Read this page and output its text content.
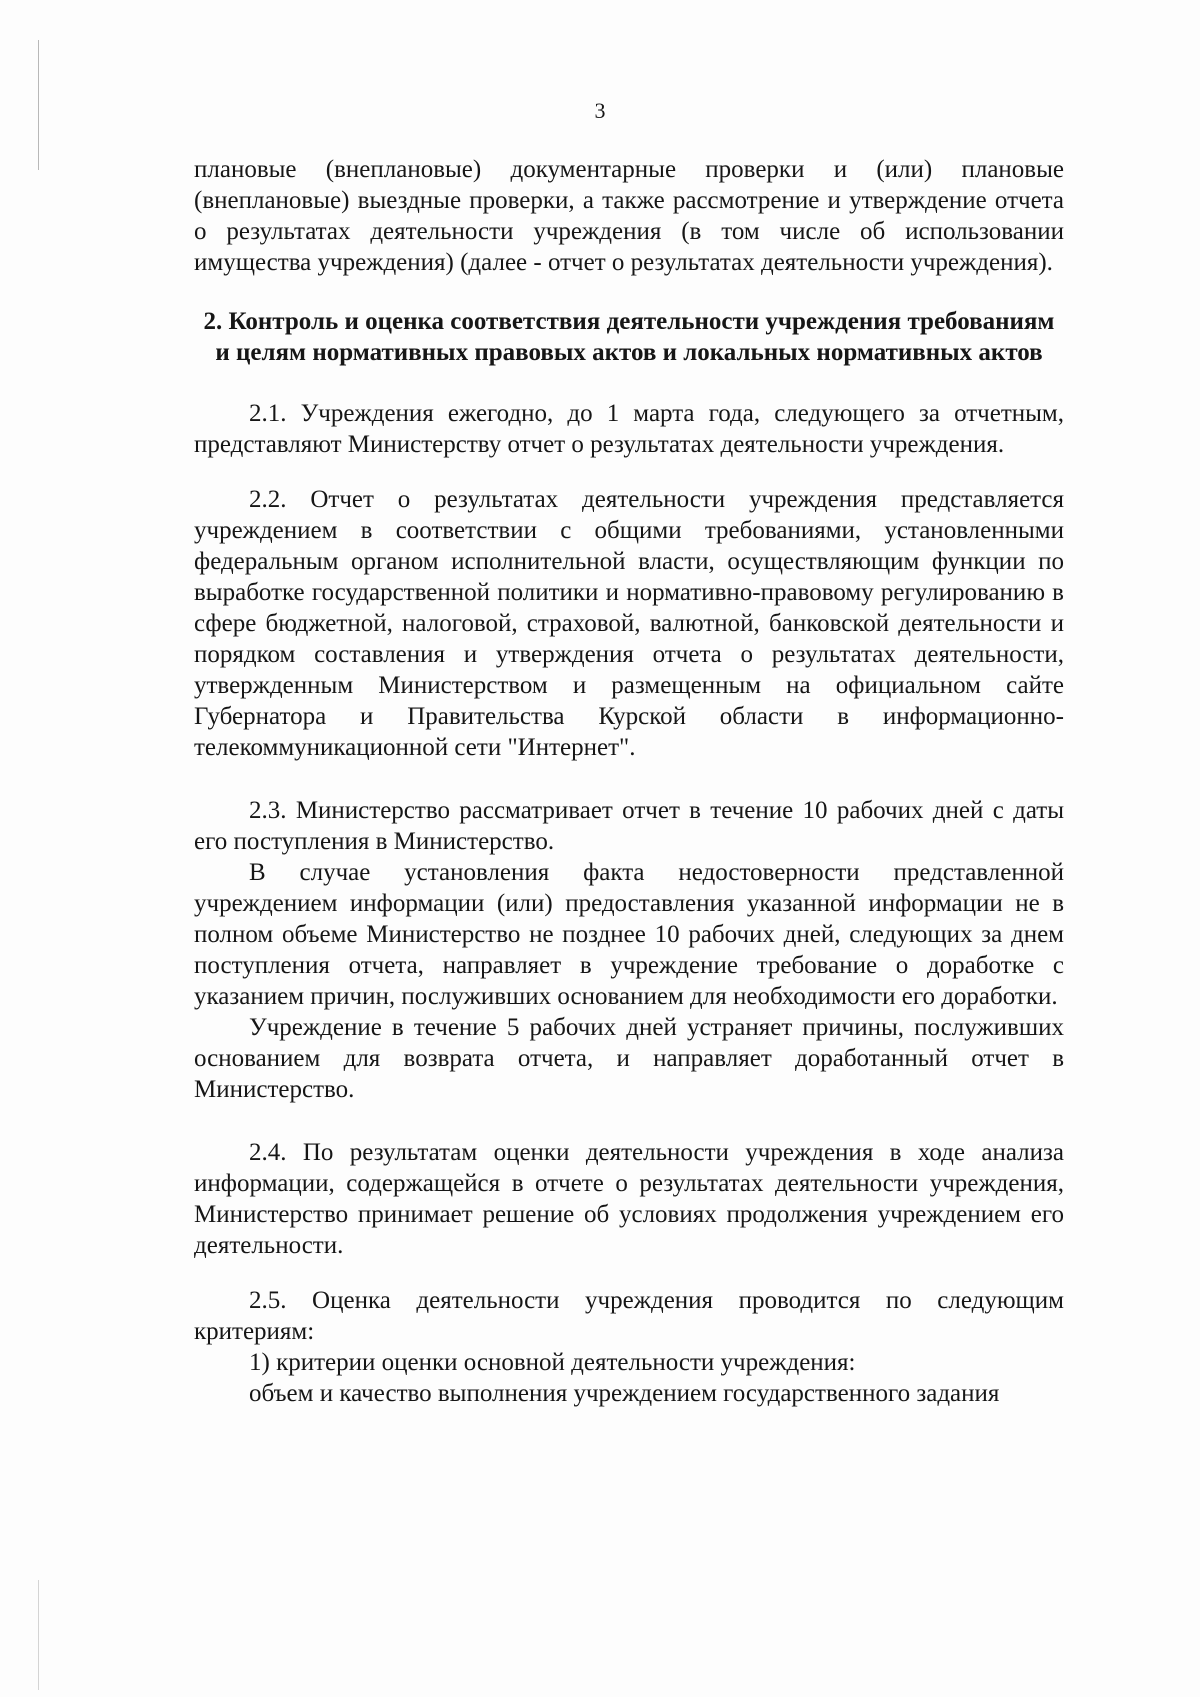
3

плановые (внеплановые) документарные проверки и (или) плановые (внеплановые) выездные проверки, а также рассмотрение и утверждение отчета о результатах деятельности учреждения (в том числе об использовании имущества учреждения) (далее - отчет о результатах деятельности учреждения).

2. Контроль и оценка соответствия деятельности учреждения требованиям и целям нормативных правовых актов и локальных нормативных актов

2.1. Учреждения ежегодно, до 1 марта года, следующего за отчетным, представляют Министерству отчет о результатах деятельности учреждения.

2.2. Отчет о результатах деятельности учреждения представляется учреждением в соответствии с общими требованиями, установленными федеральным органом исполнительной власти, осуществляющим функции по выработке государственной политики и нормативно-правовому регулированию в сфере бюджетной, налоговой, страховой, валютной, банковской деятельности и порядком составления и утверждения отчета о результатах деятельности, утвержденным Министерством и размещенным на официальном сайте Губернатора и Правительства Курской области в информационно-телекоммуникационной сети "Интернет".

2.3. Министерство рассматривает отчет в течение 10 рабочих дней с даты его поступления в Министерство.

В случае установления факта недостоверности представленной учреждением информации (или) предоставления указанной информации не в полном объеме Министерство не позднее 10 рабочих дней, следующих за днем поступления отчета, направляет в учреждение требование о доработке с указанием причин, послуживших основанием для необходимости его доработки.

Учреждение в течение 5 рабочих дней устраняет причины, послуживших основанием для возврата отчета, и направляет доработанный отчет в Министерство.

2.4. По результатам оценки деятельности учреждения в ходе анализа информации, содержащейся в отчете о результатах деятельности учреждения, Министерство принимает решение об условиях продолжения учреждением его деятельности.

2.5. Оценка деятельности учреждения проводится по следующим критериям:

1) критерии оценки основной деятельности учреждения:

объем и качество выполнения учреждением государственного задания
